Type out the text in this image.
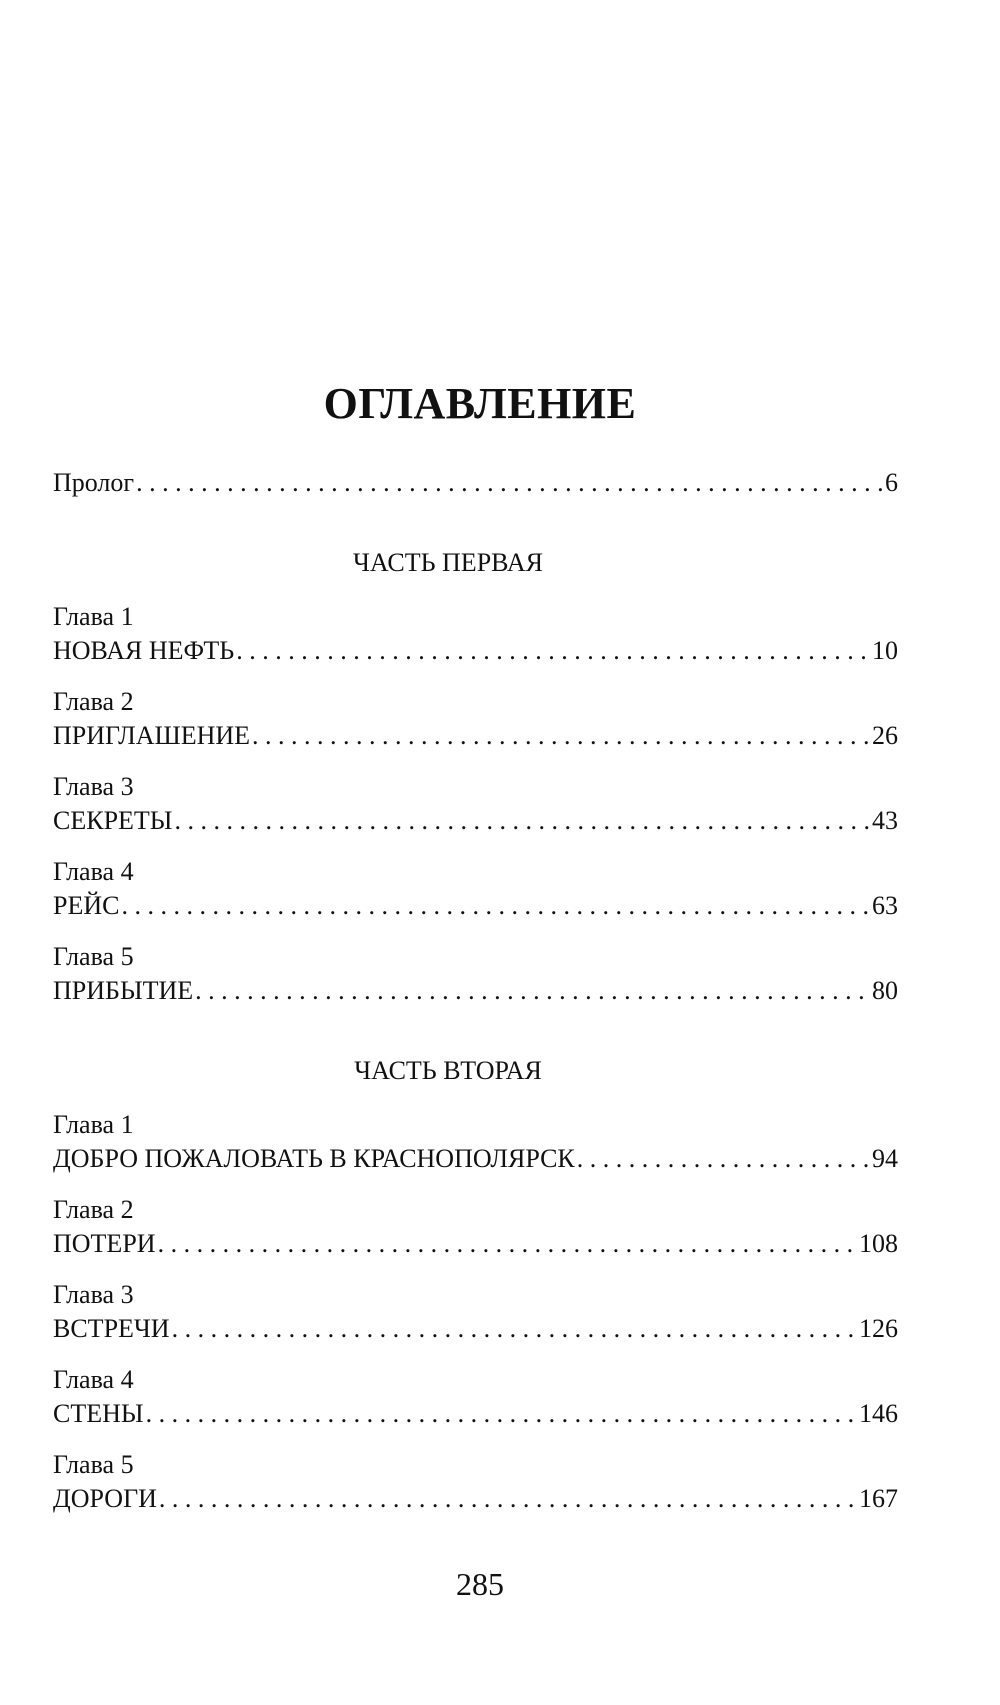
ОГЛАВЛЕНИЕ
Пролог . . .	6
ЧАСТЬ ПЕРВАЯ
Глава 1
НОВАЯ НЕФТЬ . . .	10
Глава 2
ПРИГЛАШЕНИЕ . . .	26
Глава 3
СЕКРЕТЫ . . .	43
Глава 4
РЕЙС . . .	63
Глава 5
ПРИБЫТИЕ . . .	80
ЧАСТЬ ВТОРАЯ
Глава 1
ДОБРО ПОЖАЛОВАТЬ В КРАСНОПОЛЯРСК . . .	94
Глава 2
ПОТЕРИ . . .	108
Глава 3
ВСТРЕЧИ . . .	126
Глава 4
СТЕНЫ . . .	146
Глава 5
ДОРОГИ . . .	167
285
